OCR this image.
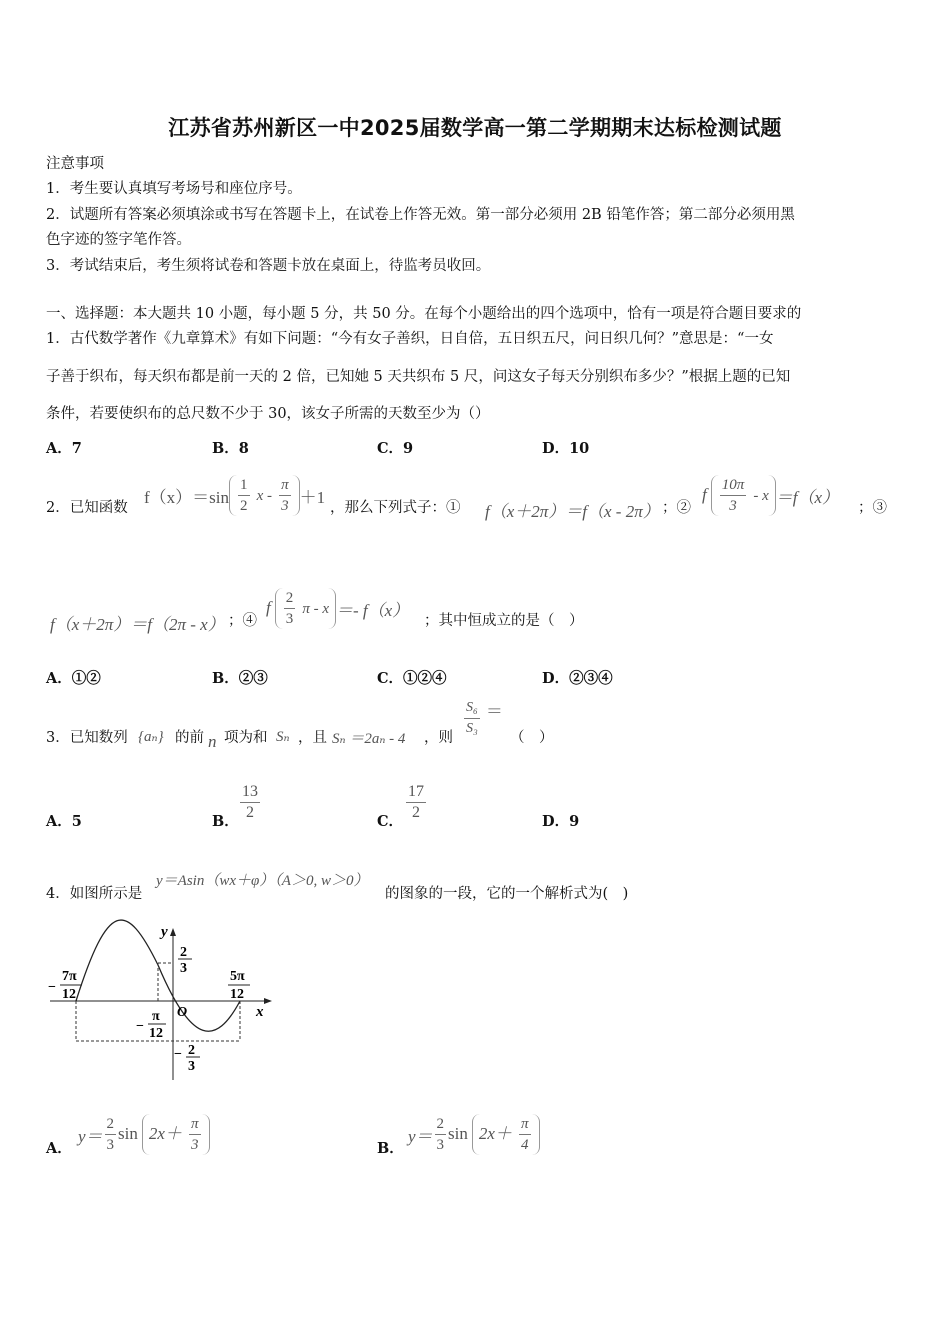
江苏省苏州新区一中2025届数学高一第二学期期末达标检测试题
注意事项
1．考生要认真填写考场号和座位序号。
2．试题所有答案必须填涂或书写在答题卡上，在试卷上作答无效。第一部分必须用 2B 铅笔作答；第二部分必须用黑
色字迹的签字笔作答。
3．考试结束后，考生须将试卷和答题卡放在桌面上，待监考员收回。
一、选择题：本大题共 10 小题，每小题 5 分，共 50 分。在每个小题给出的四个选项中，恰有一项是符合题目要求的
1．古代数学著作《九章算术》有如下问题：“今有女子善织，日自倍，五日织五尺，问日织几何？”意思是：“一女
子善于织布，每天织布都是前一天的 2 倍，已知她 5 天共织布 5 尺，问这女子每天分别织布多少？”根据上题的已知
条件，若要使织布的总尺数不少于 30，该女子所需的天数至少为（）
A．7	B．8	C．9	D．10
2．已知函数
$f(x)=\sin \frac{1}{2}$ $x - \frac{\pi}{3} +1$
，那么下列式子：① f（x＋2π）＝f（x - 2π） ；②
f $\frac{10\pi}{3} - x =f(x)$
；③
f（x＋2π）＝f（2π - x） ；④
f $\frac{2}{3}$ π - x ＝- f（x）
；其中恒成立的是（　）
A．①②	B．②③	C．①②④	D．②③④
3．已知数列 {aₙ} 的前 n 项为和 Sₙ ，且 Sₙ ＝2aₙ - 4 ，则 $\frac{\text{S₆}}{\text{S₃}}$ ＝
（　）
A．5	B． $\frac{13}{2}$	C． $\frac{17}{2}$	D．9
4．如图所示是
y＝Asin（wx＋φ）（A＞0, w＞0）
的图象的一段，它的一个解析式为(　)
y
x
O
2
3
− 2
3
−
7π
12
−
π
12
5π
12
A．
$y= \frac{2}{3}$ $\sin 2x+ \frac{\pi}{3}$	B．
$y= \frac{2}{3}$ $\sin 2x+ \frac{\pi}{4}$
